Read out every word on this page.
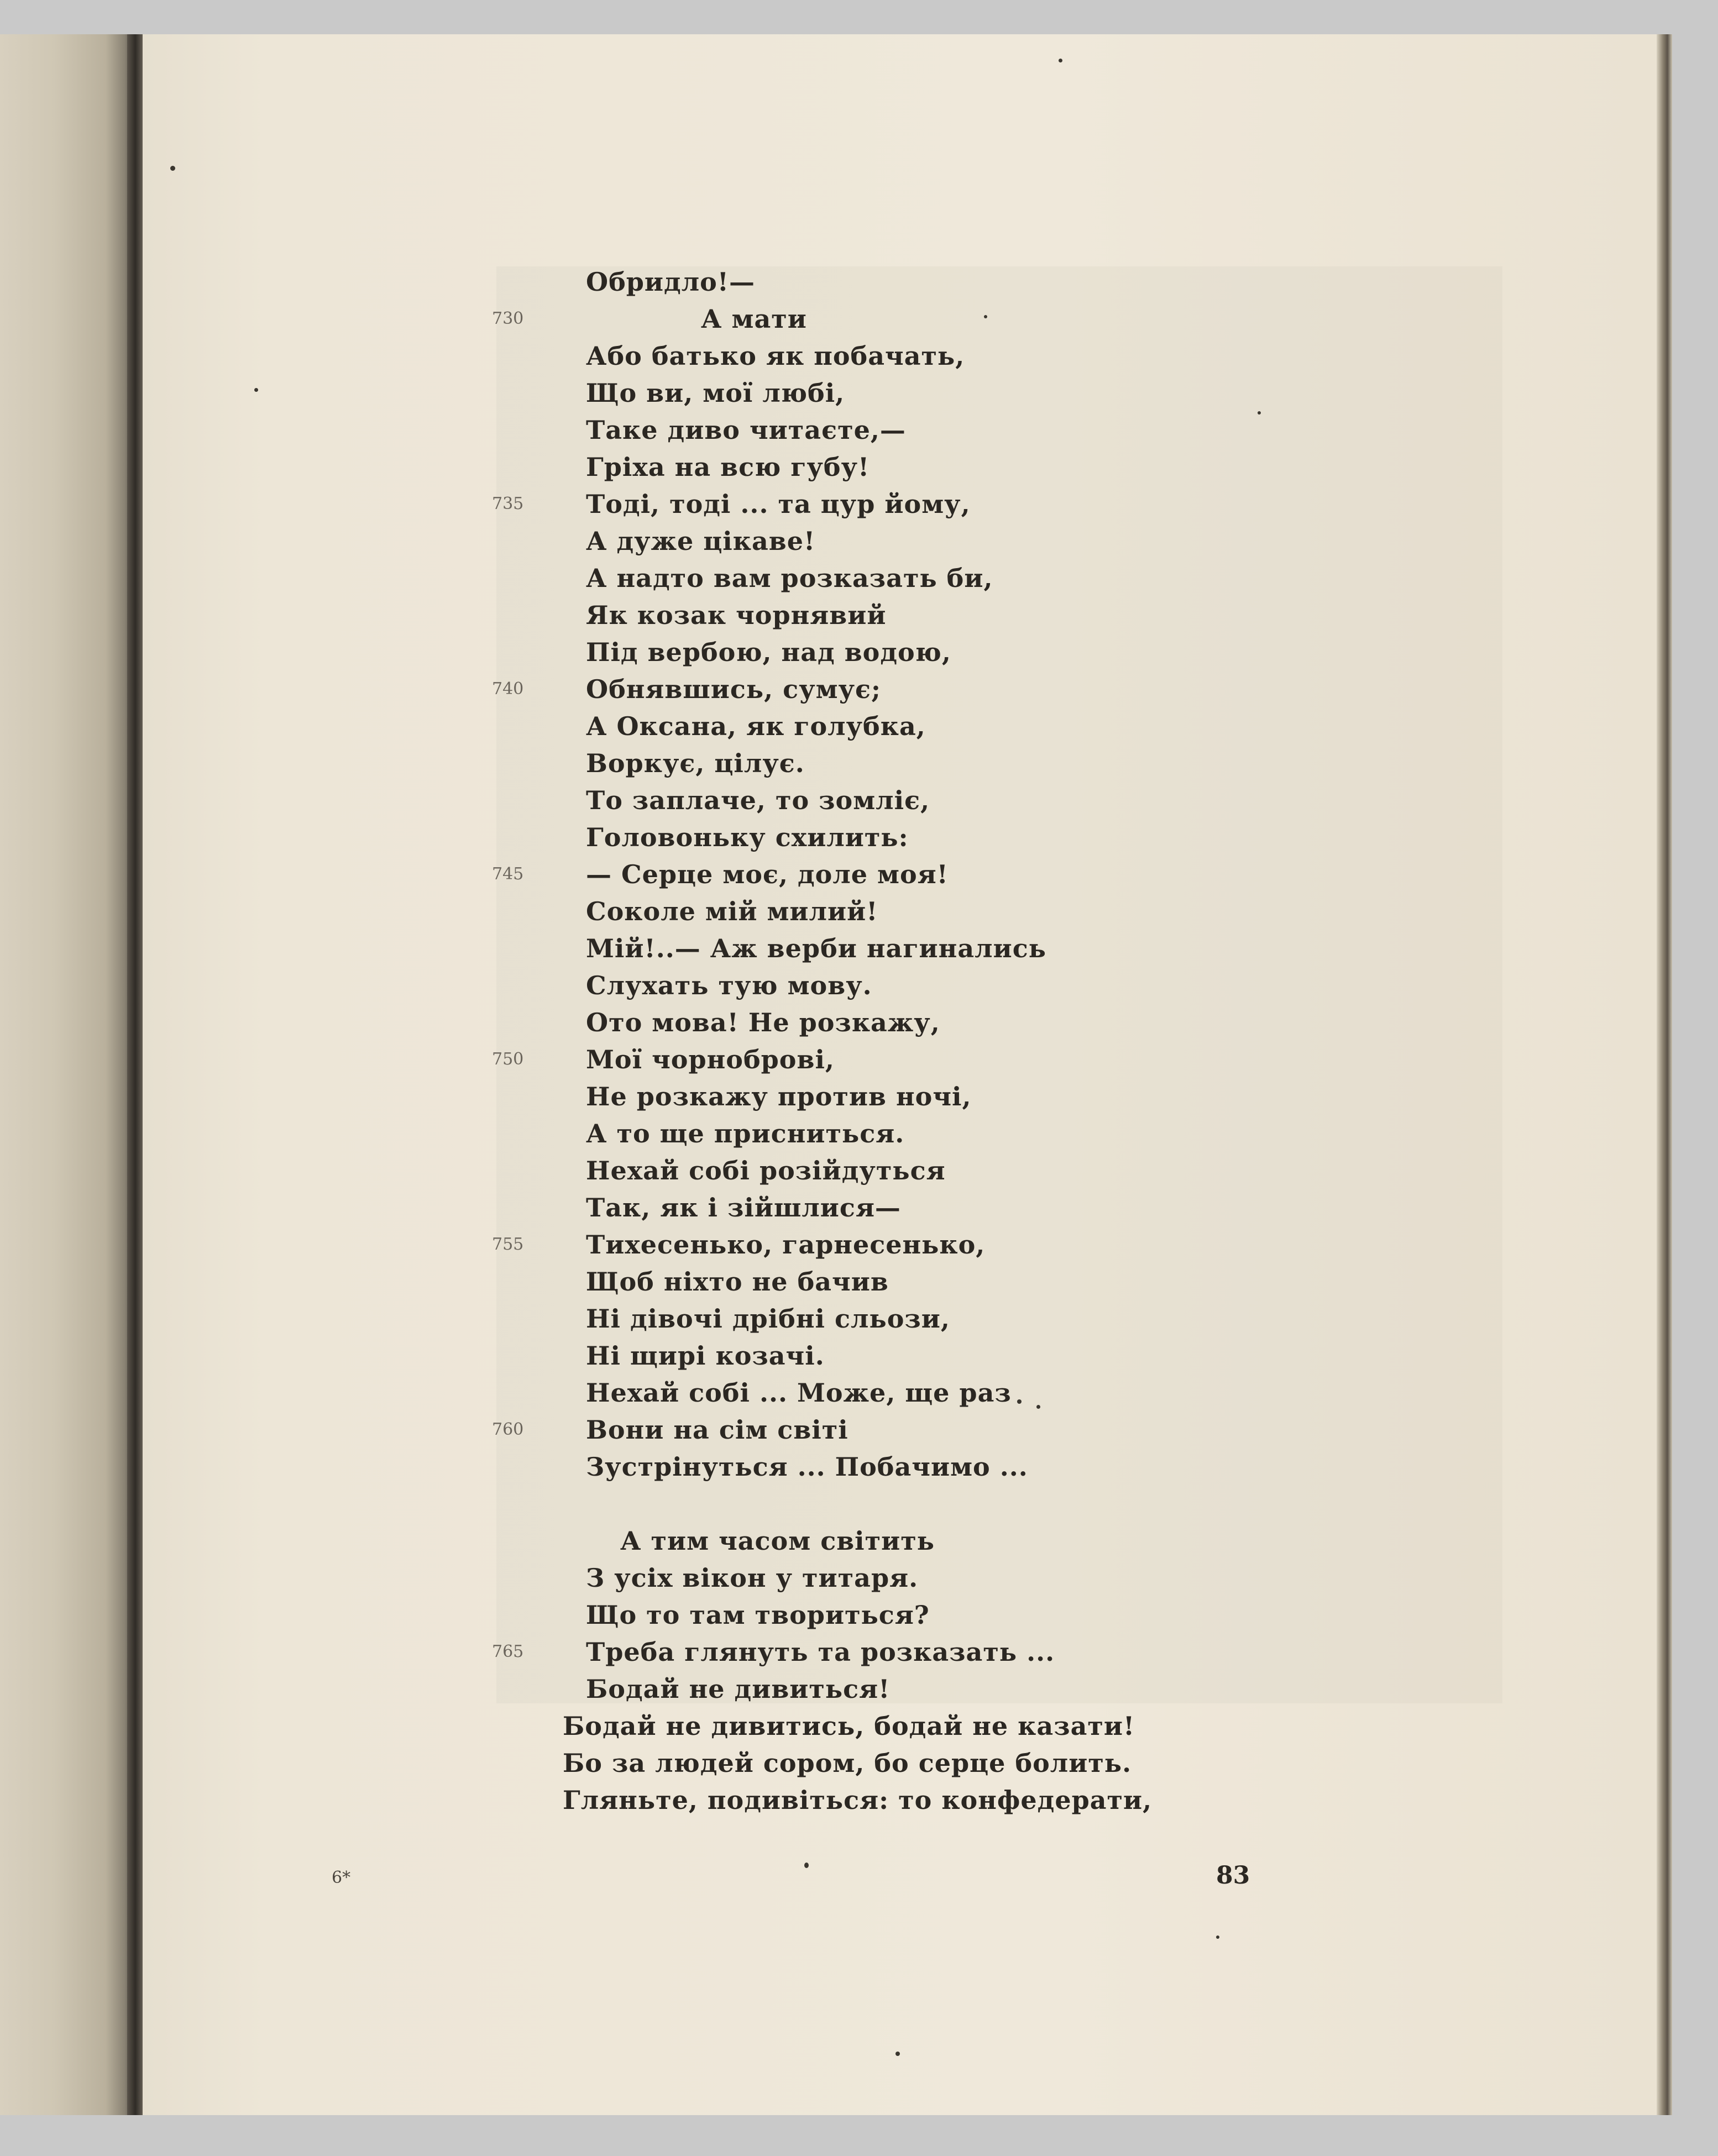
Обридло!—
730	А мати
Або батько як побачать,
Що ви, мої любі,
Таке диво читаєте,—
Гріха на всю губу!
735 Тоді, тоді ... та цур йому,
А дуже цікаве!
А надто вам розказать би,
Як козак чорнявий
Під вербою, над водою,
740 Обнявшись, сумує;
А Оксана, як голубка,
Воркує, цілує.
То заплаче, то зомліє,
Головоньку схилить:
745 — Серце моє, доле моя!
Соколе мій милий!
Мій!..— Аж верби нагинались
Слухать тую мову.
Ото мова! Не розкажу,
750 Мої чорноброві,
Не розкажу против ночі,
А то ще присниться.
Нехай собі розійдуться
Так, як і зійшлися—
755 Тихесенько, гарнесенько,
Щоб ніхто не бачив
Ні дівочі дрібні сльози,
Ні щирі козачі.
Нехай собі ... Може, ще раз
760 Вони на сім світі
Зустрінуться ... Побачимо ...
А тим часом світить
З усіх вікон у титаря.
Що то там твориться?
765 Треба глянуть та розказать ...
Бодай не дивиться!
Бодай не дивитись, бодай не казати!
Бо за людей сором, бо серце болить.
Гляньте, подивіться: то конфедерати,
6*	83
